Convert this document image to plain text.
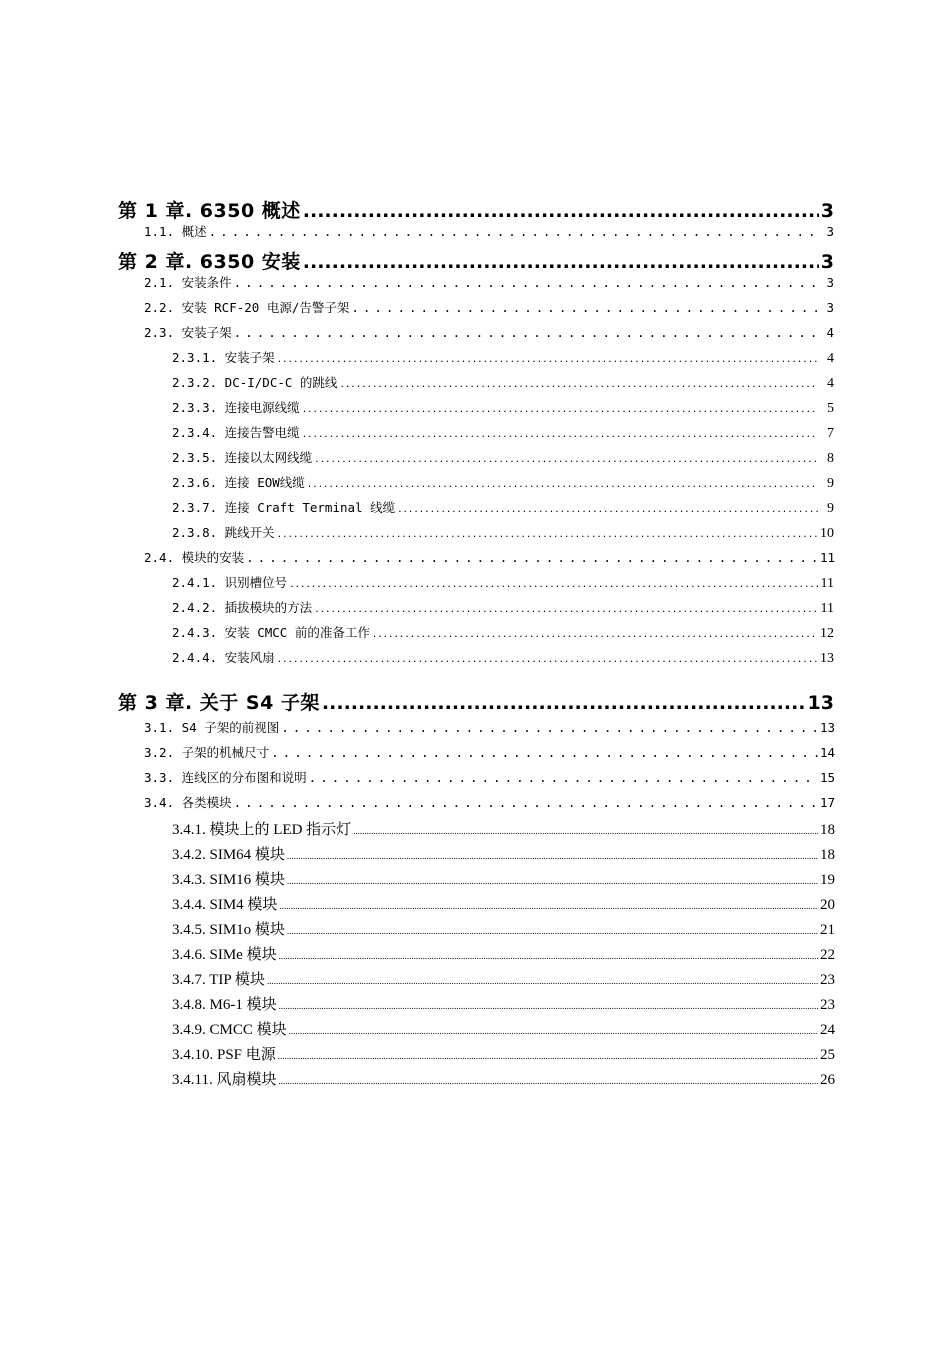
第 1 章. 6350 概述 .....	3
1.1. 概述 .....	3
第 2 章. 6350 安装 .....	3
2.1. 安装条件 .....	3
2.2. 安装 RCF-20 电源/告警子架 .....	3
2.3. 安装子架 .....	4
2.3.1. 安装子架 .....	4
2.3.2. DC-I/DC-C 的跳线 .....	4
2.3.3. 连接电源线缆 .....	5
2.3.4. 连接告警电缆 .....	7
2.3.5. 连接以太网线缆 .....	8
2.3.6. 连接 EOW线缆 .....	9
2.3.7. 连接 Craft Terminal 线缆 .....	9
2.3.8. 跳线开关 .....	10
2.4. 模块的安装 .....	11
2.4.1. 识别槽位号 .....	11
2.4.2. 插拔模块的方法 .....	11
2.4.3. 安装 CMCC 前的准备工作 .....	12
2.4.4. 安装风扇 .....	13
第 3 章. 关于 S4 子架 .....	13
3.1. S4 子架的前视图 .....	13
3.2. 子架的机械尺寸 .....	14
3.3. 连线区的分布图和说明 .....	15
3.4. 各类模块 .....	17
3.4.1. 模块上的 LED 指示灯 .....	18
3.4.2. SIM64 模块 .....	18
3.4.3. SIM16 模块 .....	19
3.4.4. SIM4 模块 .....	20
3.4.5. SIM1o 模块 .....	21
3.4.6. SIMe 模块 .....	22
3.4.7. TIP 模块 .....	23
3.4.8. M6-1 模块 .....	23
3.4.9. CMCC 模块 .....	24
3.4.10. PSF 电源 .....	25
3.4.11. 风扇模块 .....	26
